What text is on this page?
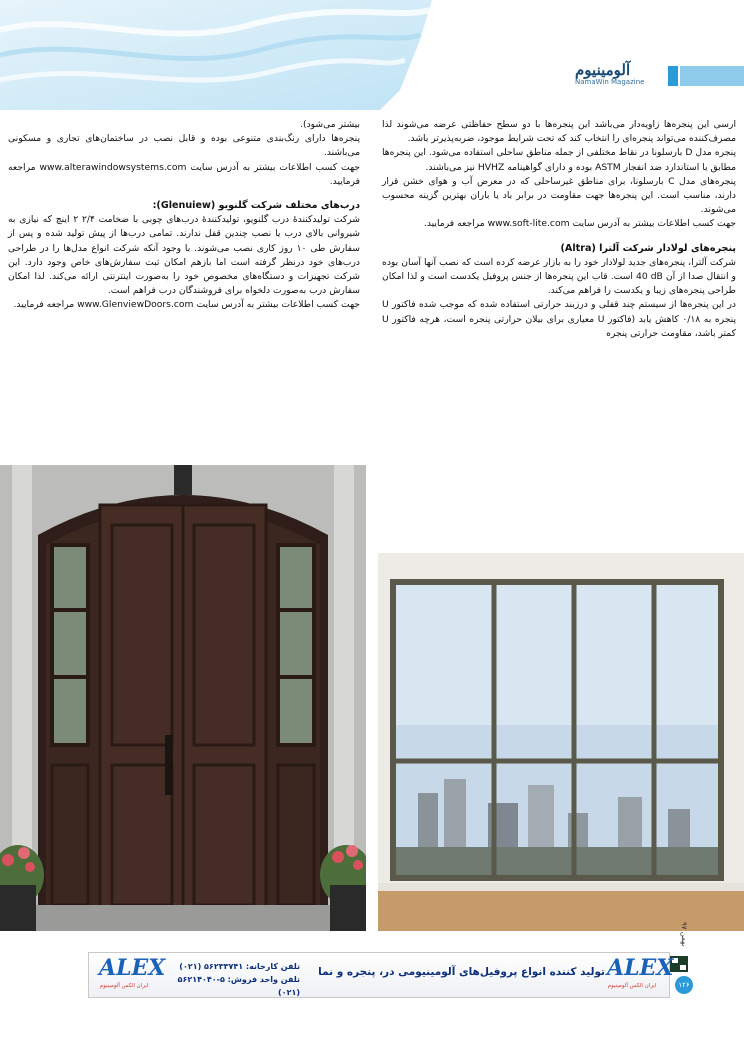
آلومینیوم
NamaWin Magazine

ارسی این پنجره‌ها زاویه‌دار می‌باشد این پنجره‌ها با دو سطح حفاظتی عرضه می‌شوند لذا مصرف‌کننده می‌تواند پنجره‌ای را انتخاب کند که تحت شرایط موجود، ضربه‌پذیرتر باشد.

پنجره مدل D بارسلونا در نقاط مختلفی از جمله مناطق ساحلی استفاده می‌شود. این پنجره‌ها مطابق با استاندارد ضد انفجار ASTM بوده و دارای گواهینامه HVHZ نیز می‌باشند.

پنجره‌های مدل C بارسلونا، برای مناطق غیرساحلی که در معرض آب و هوای خشن قرار دارند، مناسب است. این پنجره‌ها جهت مقاومت در برابر باد یا باران بهترین گزینه محسوب می‌شوند.

جهت کسب اطلاعات بیشتر به آدرس سایت www.soft-lite.com مراجعه فرمایید.

پنجره‌های لولادار شرکت آلترا (Altra)

شرکت آلترا، پنجره‌های جدید لولادار خود را به بازار عرضه کرده است که نصب آنها آسان بوده و انتقال صدا از آن 40 dB است. قاب این پنجره‌ها از جنس پروفیل یکدست است و لذا امکان طراحی پنجره‌های زیبا و یکدست را فراهم می‌کند.

در این پنجره‌ها از سیستم چند قفلی و درزبند حرارتی استفاده شده که موجب شده فاکتور U پنجره به ۰/۱۸ کاهش یابد (فاکتور U معیاری برای بیلان حرارتی پنجره است، هرچه فاکتور U کمتر باشد، مقاومت حرارتی پنجره

بیشتر می‌شود).

پنجره‌ها دارای رنگ‌بندی متنوعی بوده و قابل نصب در ساختمان‌های تجاری و مسکونی می‌باشند.

جهت کسب اطلاعات بیشتر به آدرس سایت www.alterawindowsystems.com مراجعه فرمایید.

درب‌های مختلف شرکت گلنویو (Glenuiew):

شرکت تولیدکنندهٔ درب گلنویو، تولیدکنندهٔ درب‌های چوبی با ضخامت ۲/۴ ۲ اینچ که نیازی به شیروانی بالای درب یا نصب چندین قفل ندارند. تمامی درب‌ها از پیش تولید شده و پس از سفارش طی ۱۰ روز کاری نصب می‌شوند. با وجود آنکه شرکت انواع مدل‌ها را در طراحی درب‌های خود درنظر گرفته است اما بازهم امکان ثبت سفارش‌های خاص وجود دارد. این شرکت تجهیزات و دستگاه‌های مخصوص خود را به‌صورت اینترنتی ارائه می‌کند. لذا امکان سفارش درب به‌صورت دلخواه برای فروشندگان درب فراهم است.

جهت کسب اطلاعات بیشتر به آدرس سایت www.GlenviewDoors.com مراجعه فرمایید.

بهمن ۹۷
۱۲۶
ALEX
ایران الکس آلومینیوم
ALEX
ایران الکس آلومینیوم
تولید کننده انواع پروفیل‌های آلومینیومی در، پنجره و نما
تلفن کارخانه: ۵۶۲۳۳۷۴۱ (۰۲۱)
تلفن واحد فروش: ۵-۵۶۲۱۴۰۴۰ (۰۲۱)
